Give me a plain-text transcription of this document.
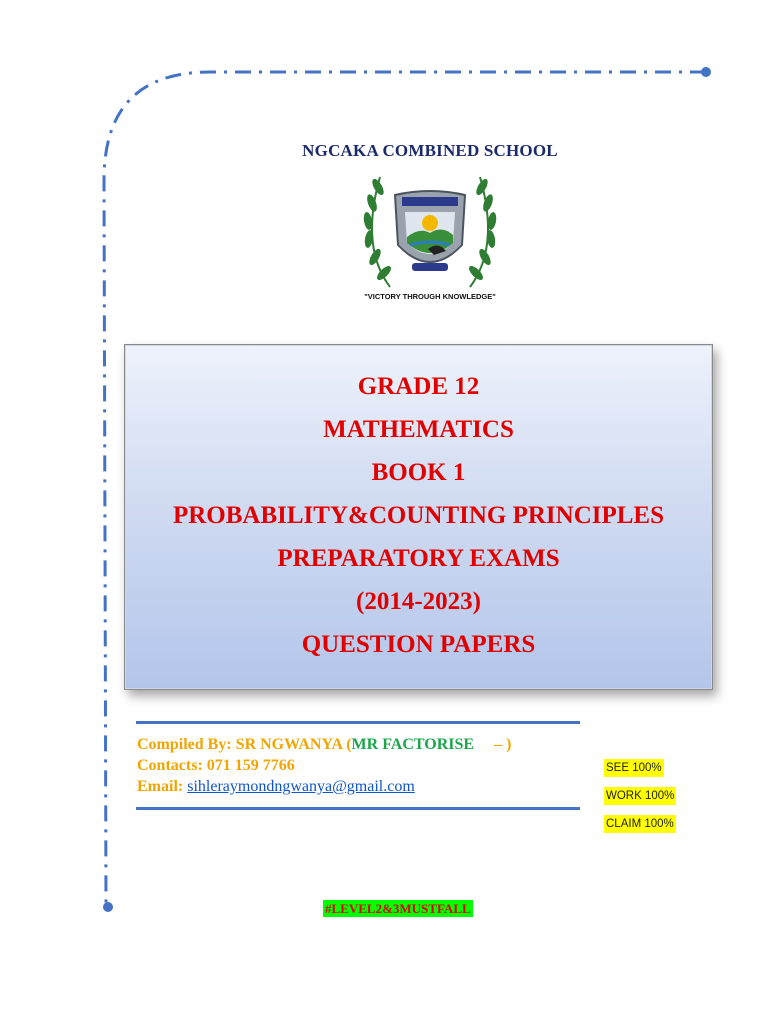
NGCAKA COMBINED SCHOOL
"VICTORY THROUGH KNOWLEDGE"
GRADE 12
MATHEMATICS
BOOK 1
PROBABILITY&COUNTING PRINCIPLES
PREPARATORY EXAMS
(2014-2023)
QUESTION PAPERS
Compiled By: SR NGWANYA (MR FACTORISE – )
Contacts: 071 159 7766
Email: sihleraymondngwanya@gmail.com
SEE 100%
WORK 100%
CLAIM 100%
#LEVEL2&3MUSTFALL
